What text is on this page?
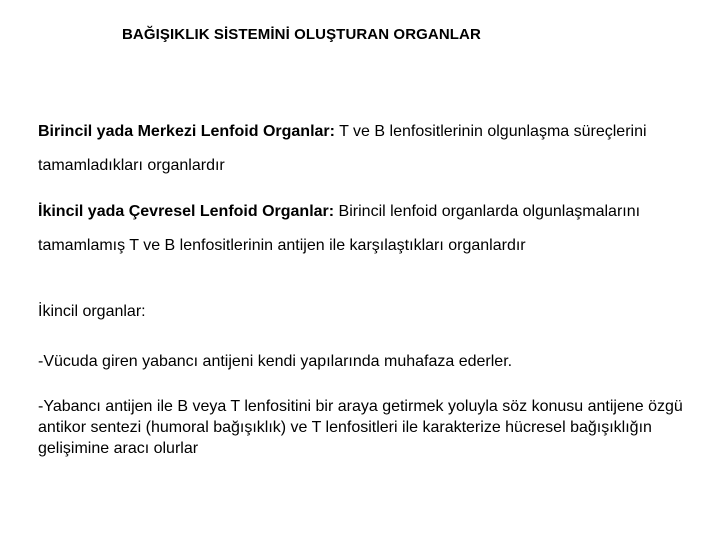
BAĞIŞIKLIK SİSTEMİNİ OLUŞTURAN ORGANLAR
Birincil yada Merkezi Lenfoid Organlar: T ve B lenfositlerinin olgunlaşma süreçlerini tamamladıkları organlardır
İkincil yada Çevresel Lenfoid Organlar: Birincil lenfoid organlarda olgunlaşmalarını tamamlamış T ve B lenfositlerinin antijen ile karşılaştıkları organlardır
İkincil organlar:
-Vücuda giren yabancı antijeni kendi yapılarında muhafaza ederler.
-Yabancı antijen ile B veya T lenfositini bir araya getirmek yoluyla söz konusu antijene özgü antikor sentezi (humoral bağışıklık) ve T lenfositleri ile karakterize hücresel bağışıklığın gelişimine aracı olurlar
